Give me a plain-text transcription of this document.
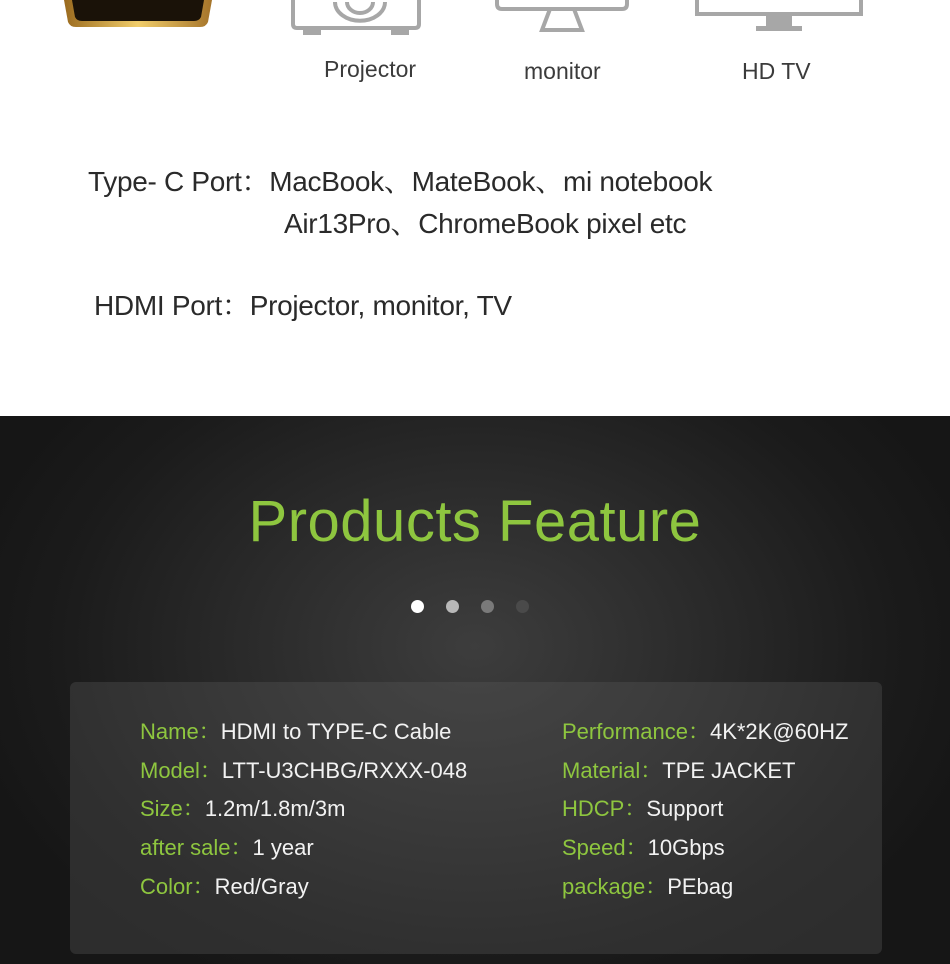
Projector	monitor	HD TV
Type- C Port：MacBook、MateBook、mi notebook
Air13Pro、ChromeBook pixel etc
HDMI Port：Projector, monitor, TV
Products Feature
Name：HDMI to TYPE-C Cable
Model：LTT-U3CHBG/RXXX-048
Size：1.2m/1.8m/3m
after sale：1 year
Color：Red/Gray
Performance：4K*2K@60HZ
Material：TPE JACKET
HDCP：Support
Speed：10Gbps
package：PEbag
